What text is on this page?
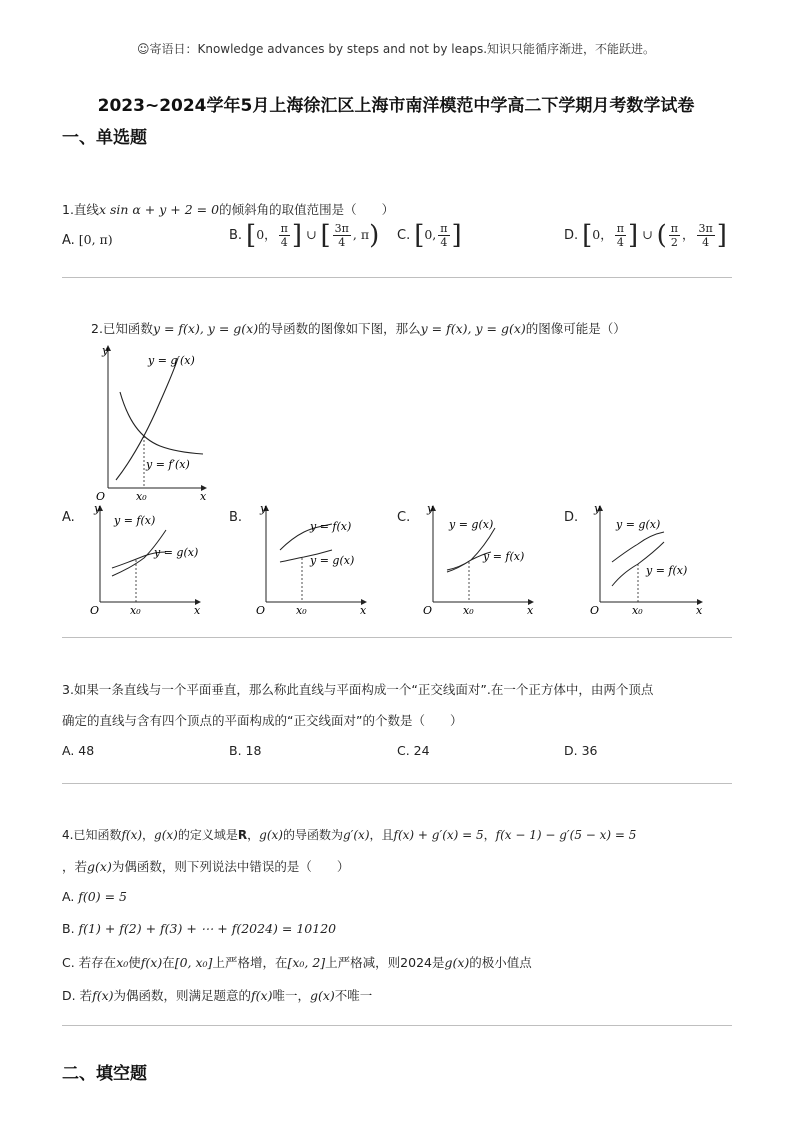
☺寄语日：Knowledge advances by steps and not by leaps.知识只能循序渐进，不能跃进。
2023~2024学年5月上海徐汇区上海市南洋模范中学高二下学期月考数学试卷
一、单选题
1.直线x sin α + y + 2 = 0的倾斜角的取值范围是（　　）
A. [0, π)	B. [0， $\frac{\pi}{4}$ ] ∪ [ $\frac{3\pi}{4}$ , π) C. [0, $\frac{\pi}{4}$ ]	D. [0， $\frac{\pi}{4}$ ] ∪ ( $\frac{\pi}{2}$ ， $\frac{3\pi}{4}$ ]
2.已知函数y = f(x), y = g(x)的导函数的图像如下图，那么y = f(x), y = g(x)的图像可能是（）
y
x
O	x₀
y = g′(x)
y = f′(x)
A.	B.	C.	D.
y
x
O	x₀
y = f(x)
y = g(x)
y
x
O	x₀
y = f(x)
y = g(x)
y
x
O	x₀
y = g(x)
y = f(x)
y
x
O	x₀
y = g(x)
y = f(x)
3.如果一条直线与一个平面垂直，那么称此直线与平面构成一个“正交线面对”.在一个正方体中，由两个顶点
确定的直线与含有四个顶点的平面构成的“正交线面对”的个数是（　　）
A. 48	B. 18	C. 24	D. 36
4.已知函数f(x)，g(x)的定义域是R，g(x)的导函数为g′(x)，且f(x) + g′(x) = 5，f(x − 1) − g′(5 − x) = 5
，若g(x)为偶函数，则下列说法中错误的是（　　）
A. f(0) = 5
B. f(1) + f(2) + f(3) + ⋯ + f(2024) = 10120
C. 若存在x₀使f(x)在[0, x₀]上严格增，在[x₀, 2]上严格减，则2024是g(x)的极小值点
D. 若f(x)为偶函数，则满足题意的f(x)唯一，g(x)不唯一
二、填空题
